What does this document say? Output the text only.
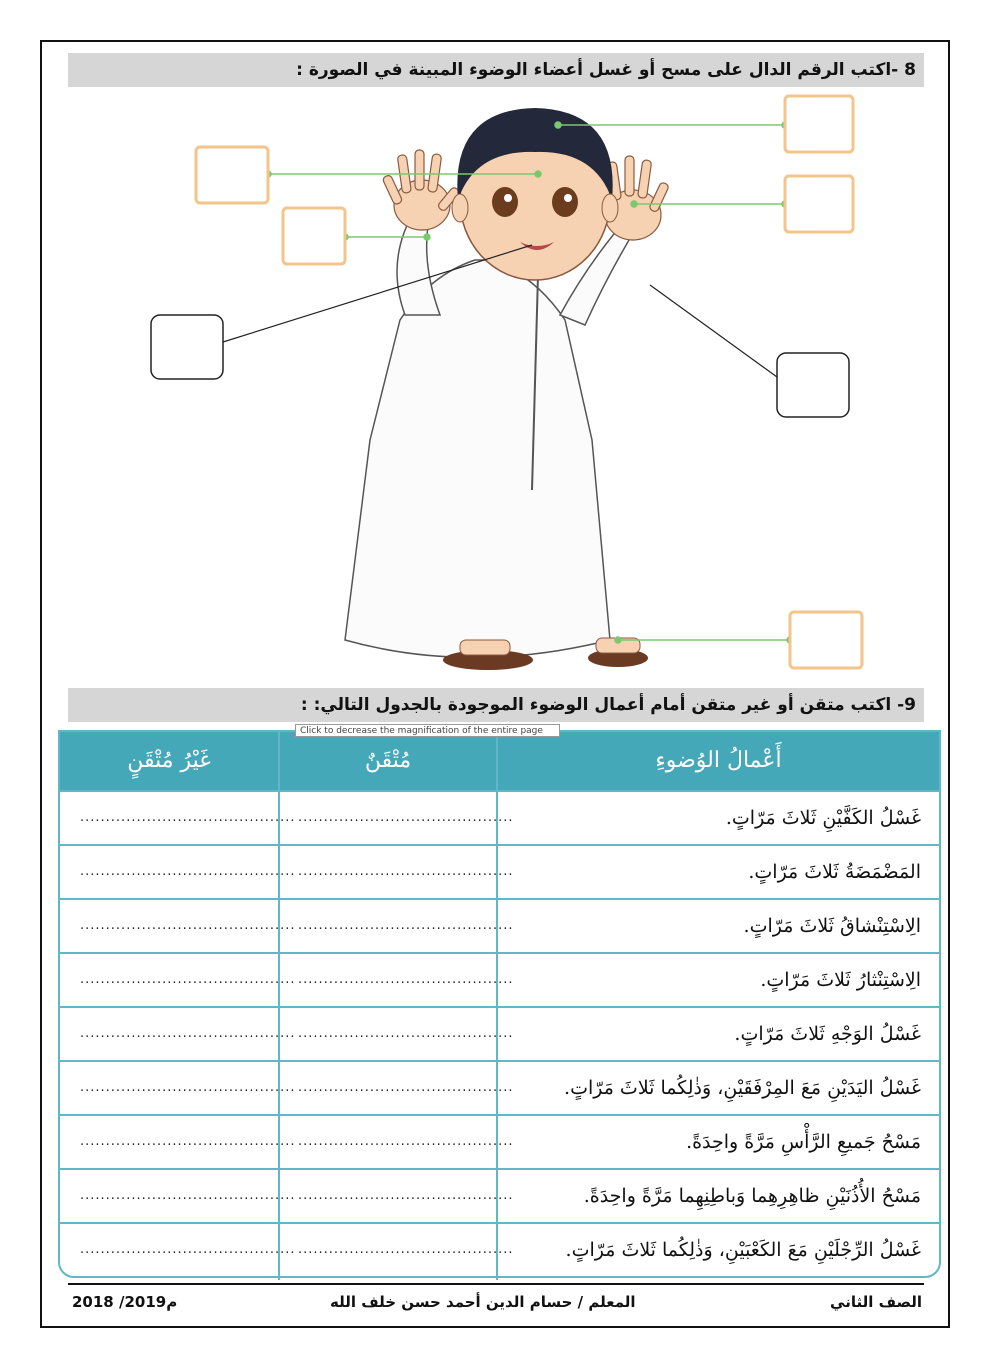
8 -اكتب الرقم الدال على مسح أو غسل أعضاء الوضوء المبينة في الصورة :
9- اكتب متقن أو غير متقن أمام أعمال الوضوء الموجودة بالجدول التالي: :
Click to decrease the magnification of the entire page
غَيْرُ مُتْقَنٍ	مُتْقَنٌ	أَعْمالُ الوُضوءِ
.......................................... ..........................................	غَسْلُ الكَفَّيْنِ ثَلاثَ مَرّاتٍ.
.......................................... ..........................................	المَضْمَضَةُ ثَلاثَ مَرّاتٍ.
.......................................... ..........................................	الِاسْتِنْشاقُ ثَلاثَ مَرّاتٍ.
.......................................... ..........................................	الِاسْتِنْثارُ ثَلاثَ مَرّاتٍ.
.......................................... ..........................................	غَسْلُ الوَجْهِ ثَلاثَ مَرّاتٍ.
.......................................... ..........................................	غَسْلُ اليَدَيْنِ مَعَ المِرْفَقَيْنِ، وَذٰلِكُما ثَلاثَ مَرّاتٍ.
.......................................... ..........................................	مَسْحُ جَميعِ الرَّأْسِ مَرَّةً واحِدَةً.
.......................................... ..........................................	مَسْحُ الأُذُنَيْنِ ظاهِرِهِما وَباطِنِهِما مَرَّةً واحِدَةً.
.......................................... ..........................................	غَسْلُ الرِّجْلَيْنِ مَعَ الكَعْبَيْنِ، وَذٰلِكُما ثَلاثَ مَرّاتٍ.
الصف الثاني
المعلم / حسام الدين أحمد حسن خلف الله
2018 /2019م
